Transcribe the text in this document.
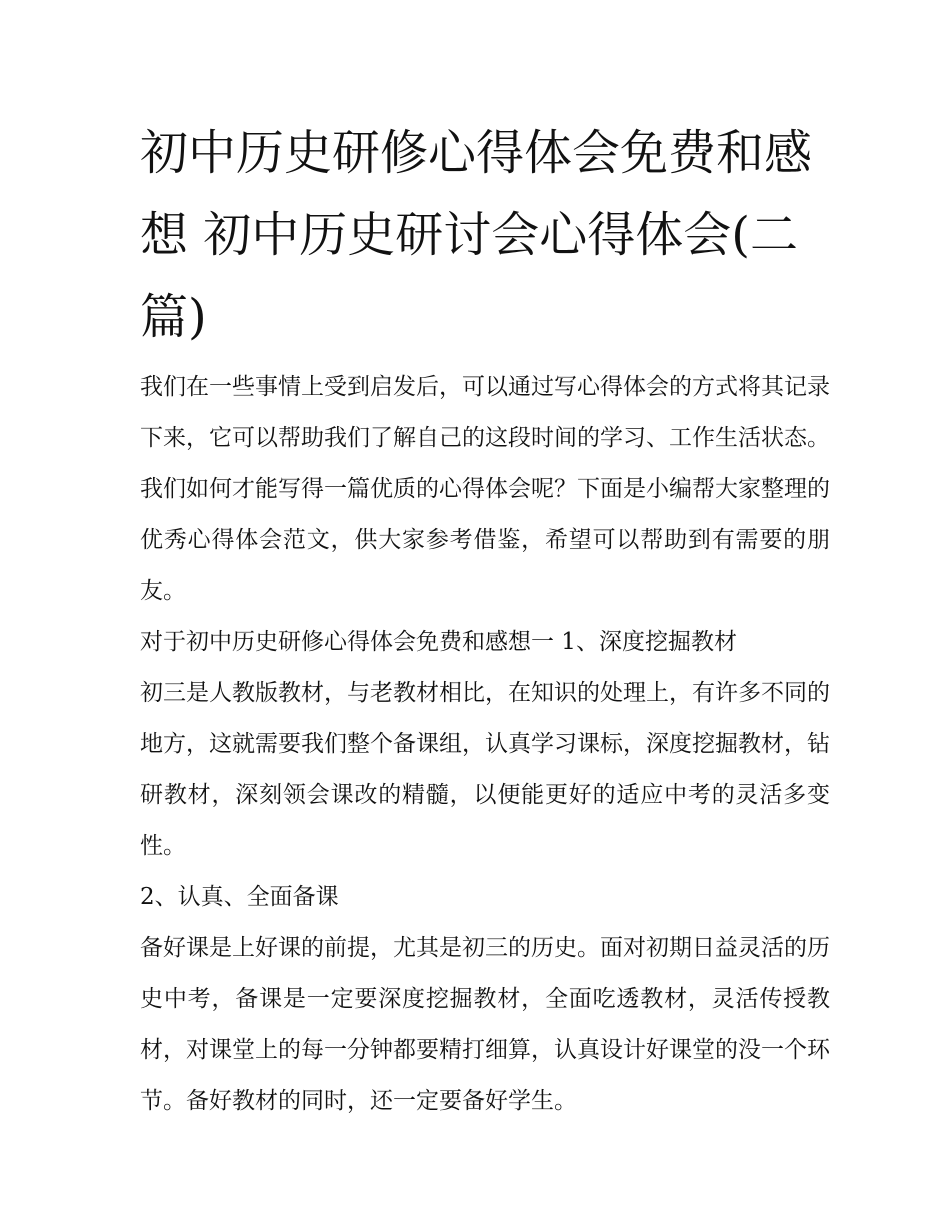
初中历史研修心得体会免费和感想 初中历史研讨会心得体会(二篇)

我们在一些事情上受到启发后，可以通过写心得体会的方式将其记录下来，它可以帮助我们了解自己的这段时间的学习、工作生活状态。我们如何才能写得一篇优质的心得体会呢？下面是小编帮大家整理的优秀心得体会范文，供大家参考借鉴，希望可以帮助到有需要的朋友。

对于初中历史研修心得体会免费和感想一 1、深度挖掘教材

初三是人教版教材，与老教材相比，在知识的处理上，有许多不同的地方，这就需要我们整个备课组，认真学习课标，深度挖掘教材，钻研教材，深刻领会课改的精髓，以便能更好的适应中考的灵活多变性。

2、认真、全面备课

备好课是上好课的前提，尤其是初三的历史。面对初期日益灵活的历史中考，备课是一定要深度挖掘教材，全面吃透教材，灵活传授教材，对课堂上的每一分钟都要精打细算，认真设计好课堂的没一个环节。备好教材的同时，还一定要备好学生。
